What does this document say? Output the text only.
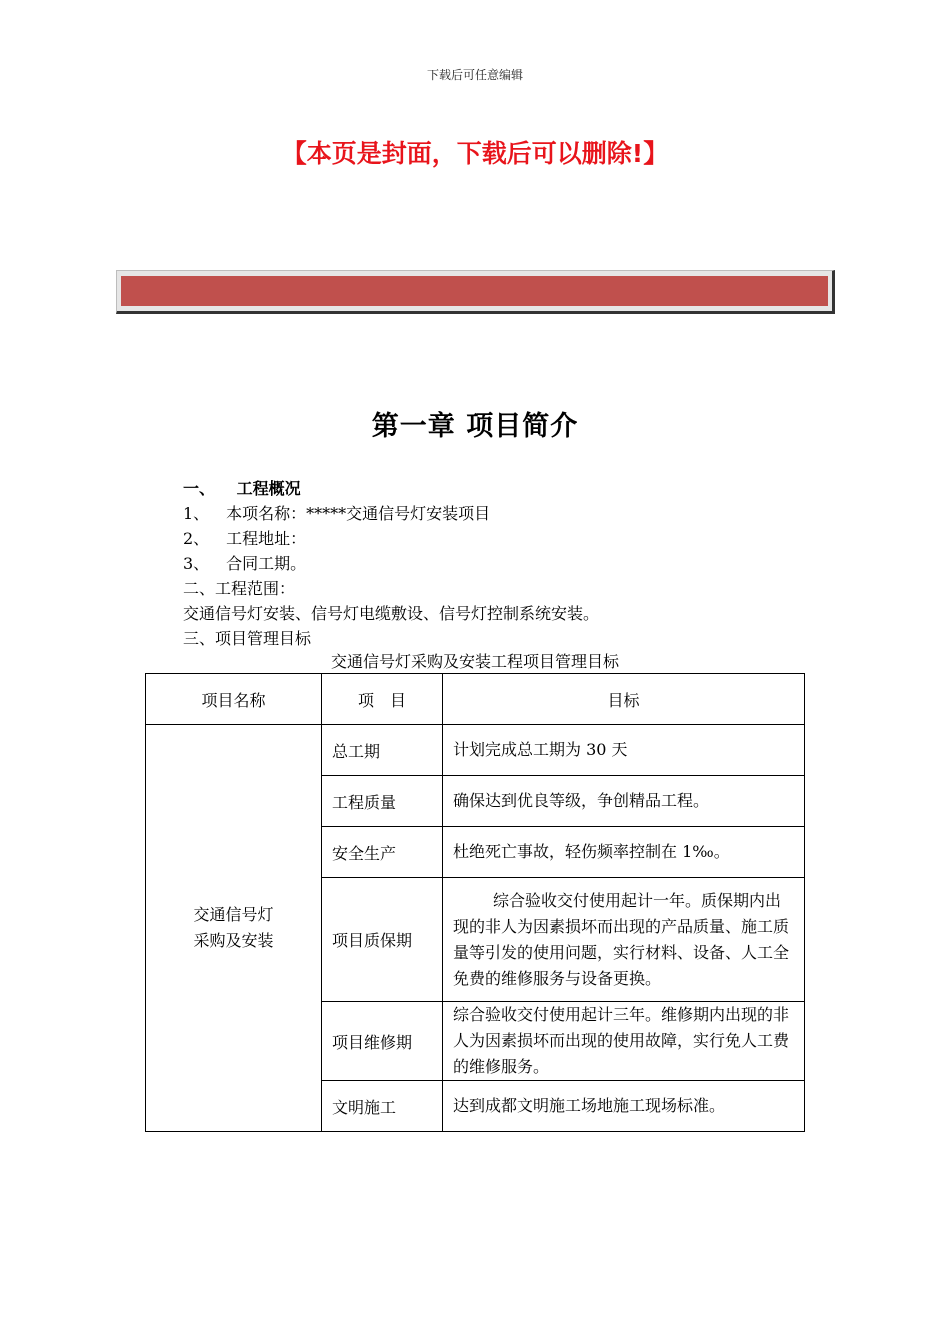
下载后可任意编辑
【本页是封面，下载后可以删除!】
第一章 项目简介
一、 工程概况
1、 本项名称：*****交通信号灯安装项目
2、 工程地址：
3、 合同工期。
二、工程范围：
交通信号灯安装、信号灯电缆敷设、信号灯控制系统安装。
三、项目管理目标
交通信号灯采购及安装工程项目管理目标
项目名称	项　目	目标
交通信号灯
采购及安装	总工期	计划完成总工期为 30 天
	工程质量	确保达到优良等级，争创精品工程。
	安全生产	杜绝死亡事故，轻伤频率控制在 1‰。
	项目质保期	综合验收交付使用起计一年。质保期内出现的非人为因素损坏而出现的产品质量、施工质量等引发的使用问题，实行材料、设备、人工全免费的维修服务与设备更换。
	项目维修期	综合验收交付使用起计三年。维修期内出现的非人为因素损坏而出现的使用故障，实行免人工费的维修服务。
	文明施工	达到成都文明施工场地施工现场标准。
